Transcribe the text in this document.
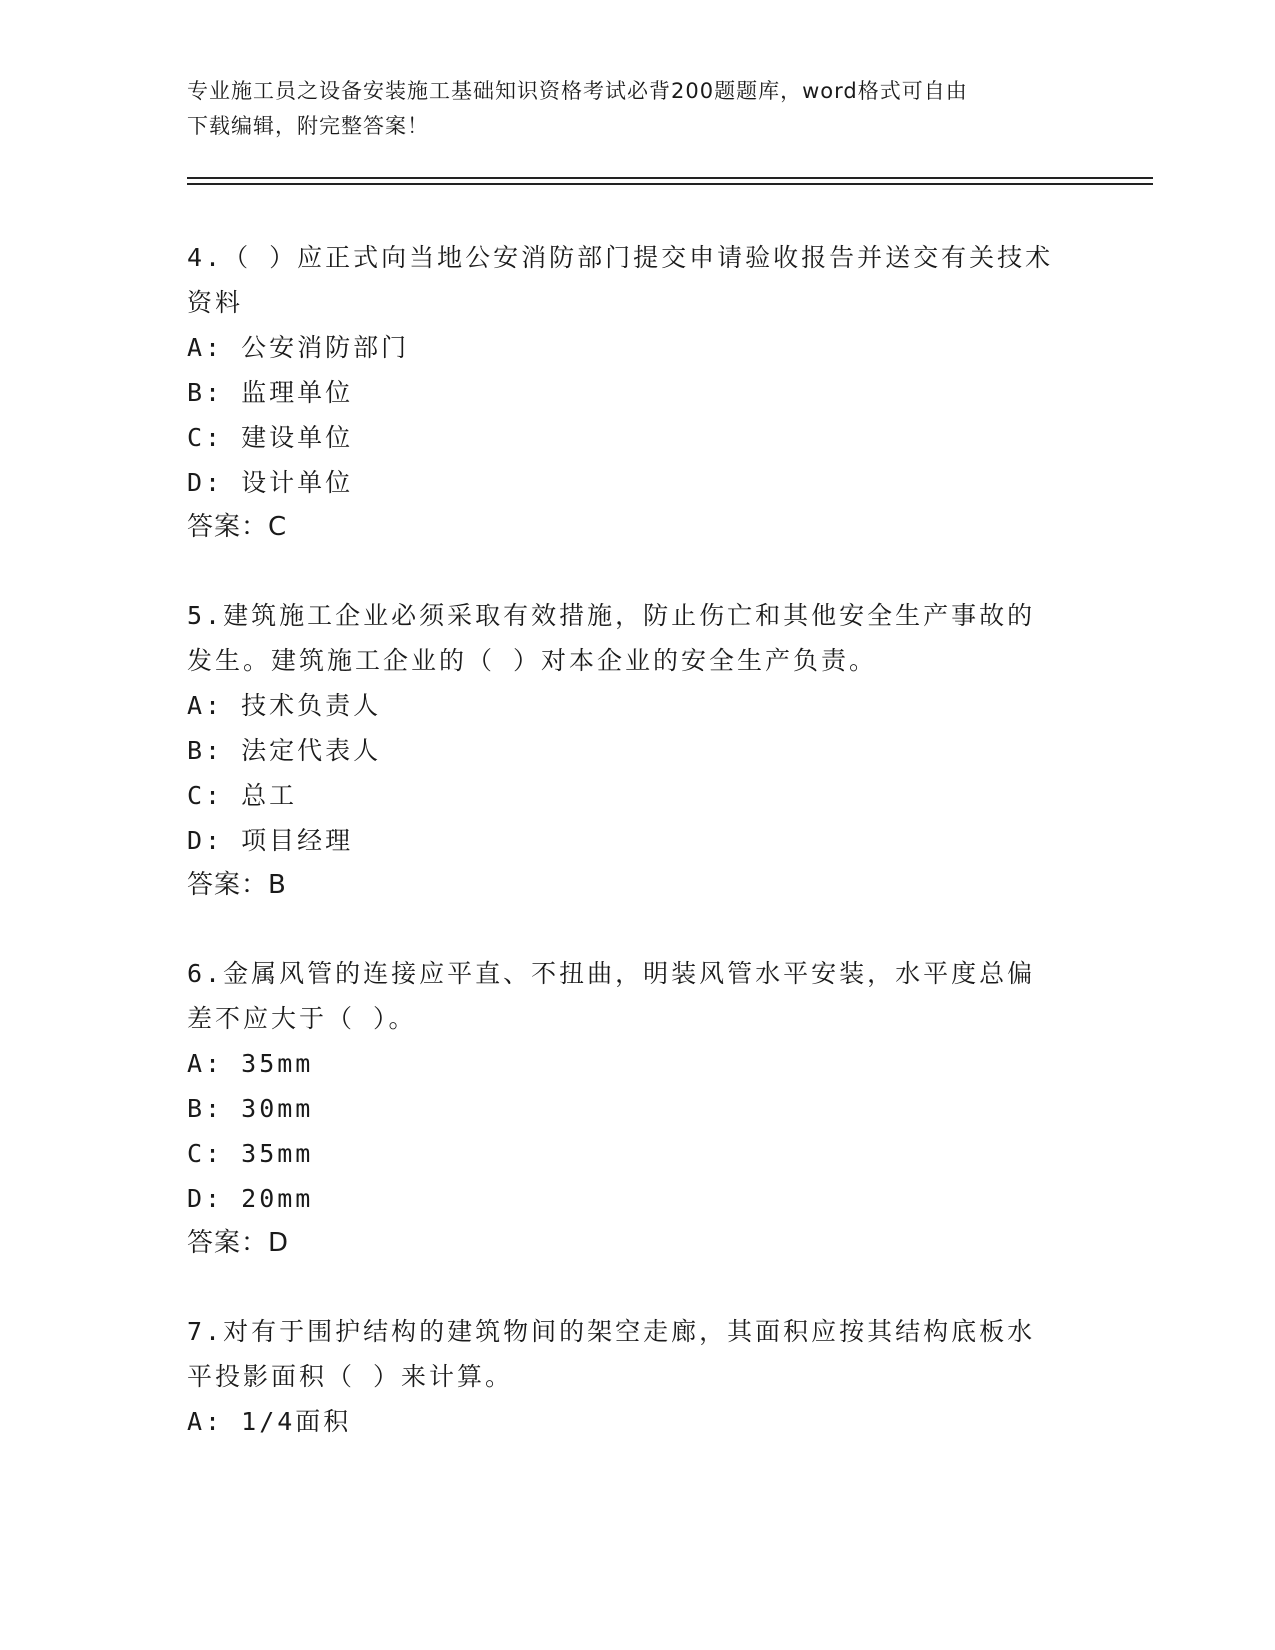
专业施工员之设备安装施工基础知识资格考试必背200题题库，word格式可自由
下载编辑，附完整答案！

4.（ ）应正式向当地公安消防部门提交申请验收报告并送交有关技术

资料

A: 公安消防部门

B: 监理单位

C: 建设单位

D: 设计单位

答案：C

5.建筑施工企业必须采取有效措施，防止伤亡和其他安全生产事故的

发生。建筑施工企业的（ ）对本企业的安全生产负责。

A: 技术负责人

B: 法定代表人

C: 总工

D: 项目经理

答案：B

6.金属风管的连接应平直、不扭曲，明装风管水平安装，水平度总偏

差不应大于（ ）。

A: 35mm

B: 30mm

C: 35mm

D: 20mm

答案：D

7.对有于围护结构的建筑物间的架空走廊，其面积应按其结构底板水

平投影面积（ ）来计算。

A: 1/4面积
